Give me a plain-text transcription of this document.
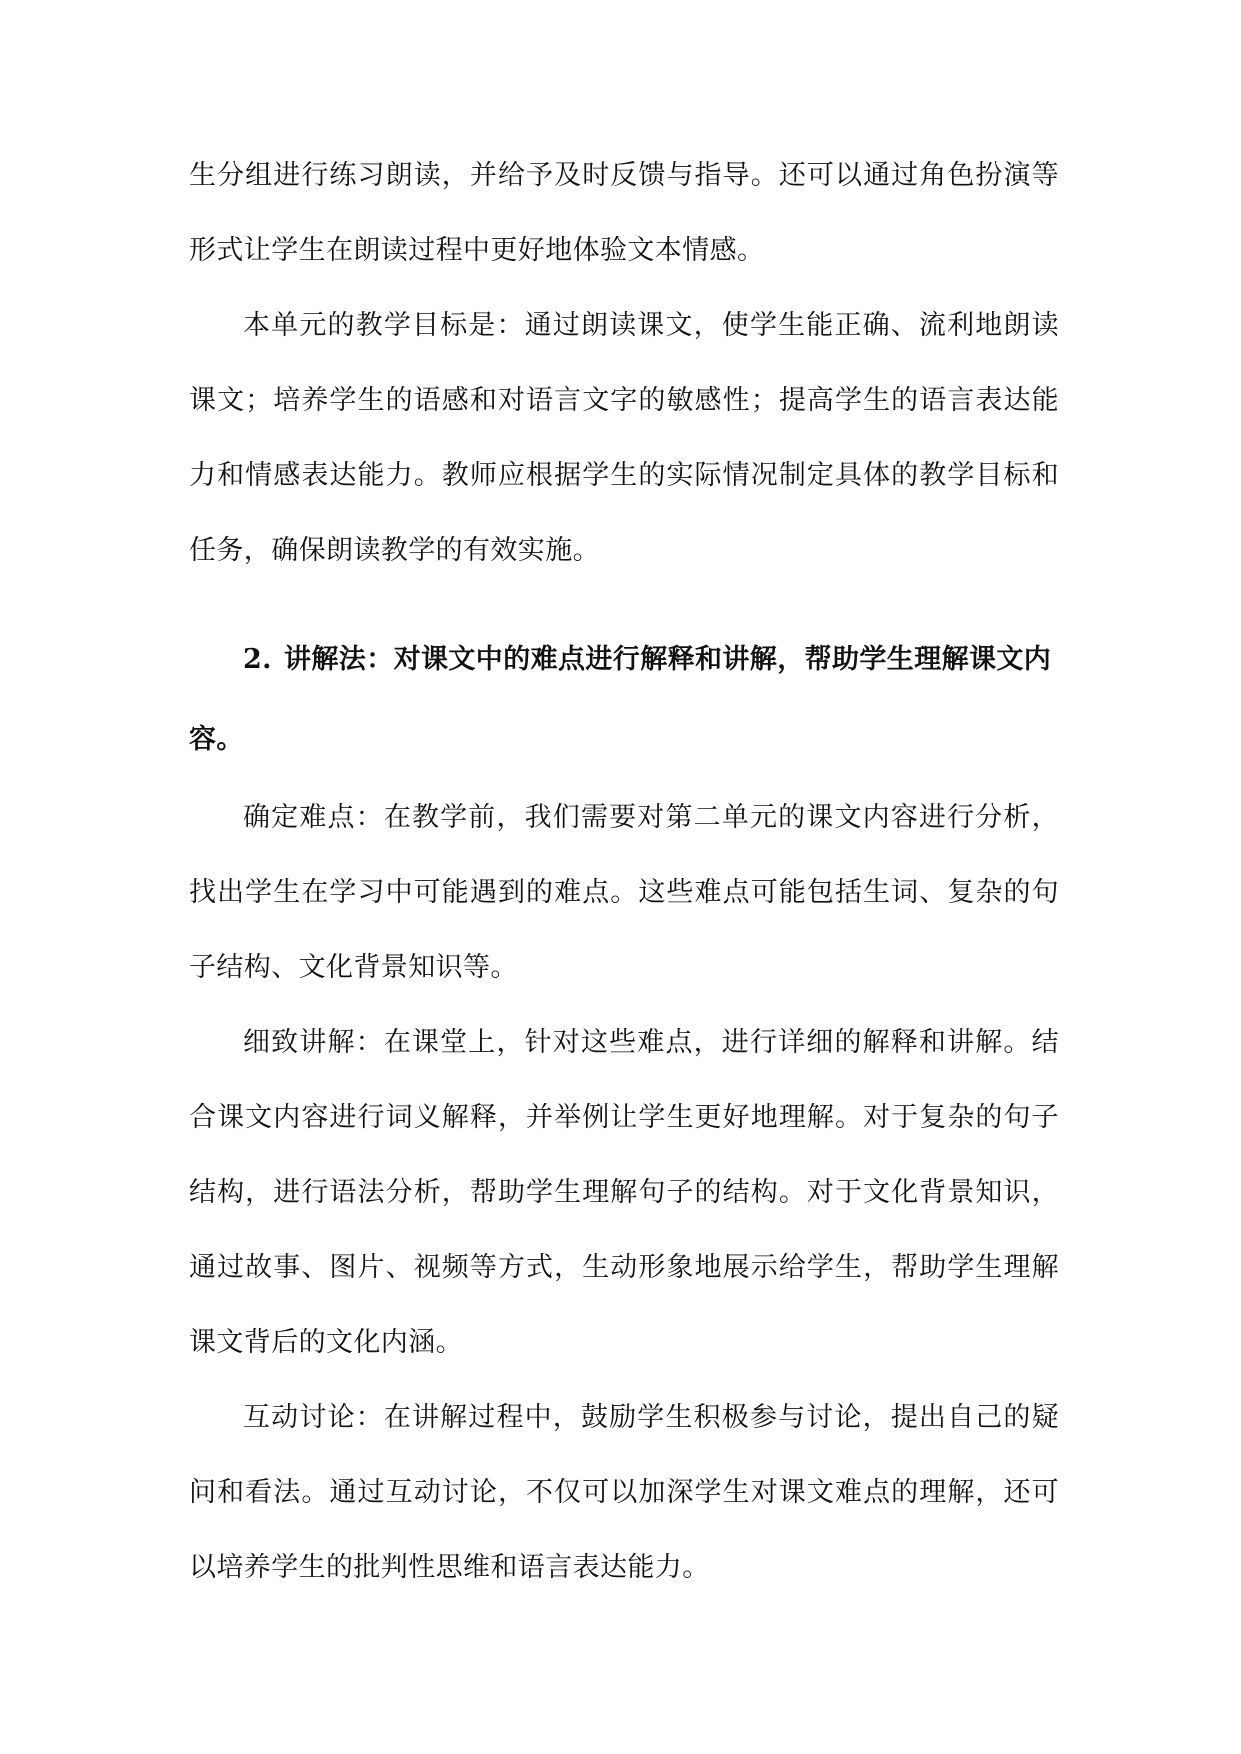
生分组进行练习朗读，并给予及时反馈与指导。还可以通过角色扮演等形式让学生在朗读过程中更好地体验文本情感。

本单元的教学目标是：通过朗读课文，使学生能正确、流利地朗读课文；培养学生的语感和对语言文字的敏感性；提高学生的语言表达能力和情感表达能力。教师应根据学生的实际情况制定具体的教学目标和任务，确保朗读教学的有效实施。

2. 讲解法：对课文中的难点进行解释和讲解，帮助学生理解课文内容。

确定难点：在教学前，我们需要对第二单元的课文内容进行分析，找出学生在学习中可能遇到的难点。这些难点可能包括生词、复杂的句子结构、文化背景知识等。

细致讲解：在课堂上，针对这些难点，进行详细的解释和讲解。结合课文内容进行词义解释，并举例让学生更好地理解。对于复杂的句子结构，进行语法分析，帮助学生理解句子的结构。对于文化背景知识，通过故事、图片、视频等方式，生动形象地展示给学生，帮助学生理解课文背后的文化内涵。

互动讨论：在讲解过程中，鼓励学生积极参与讨论，提出自己的疑问和看法。通过互动讨论，不仅可以加深学生对课文难点的理解，还可以培养学生的批判性思维和语言表达能力。
